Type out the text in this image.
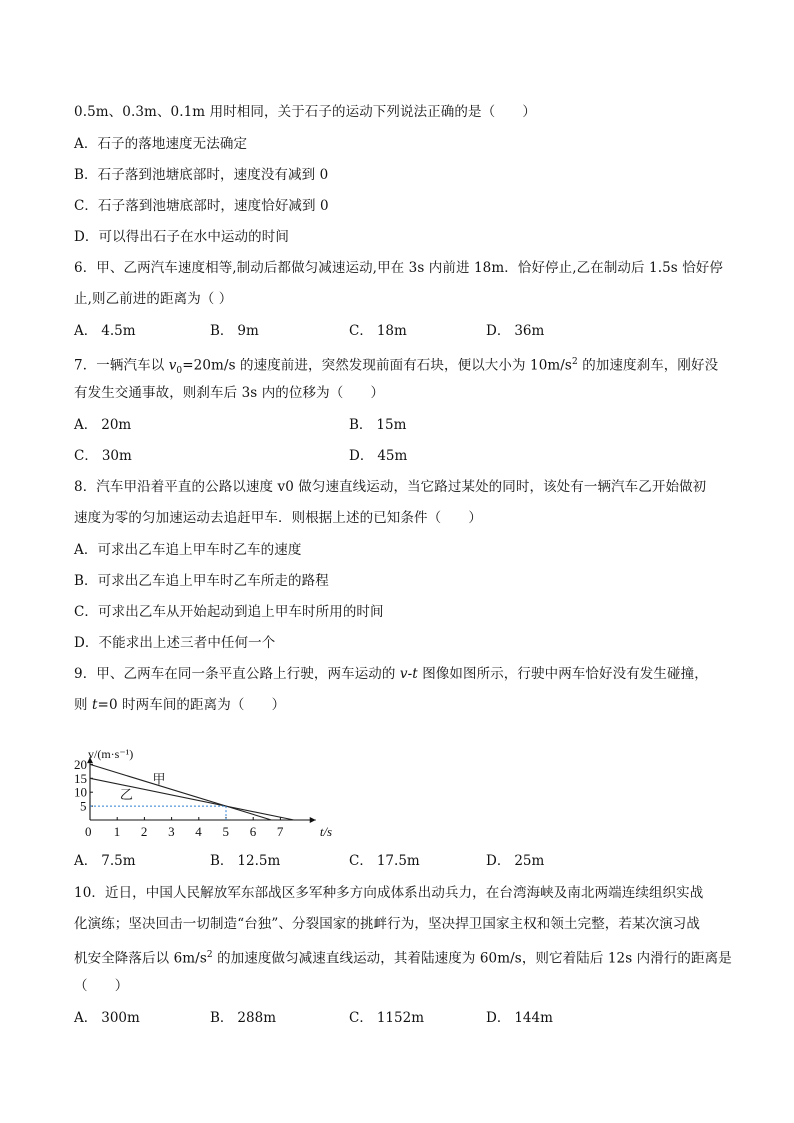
0.5m、0.3m、0.1m 用时相同，关于石子的运动下列说法正确的是（　　）
A．石子的落地速度无法确定
B．石子落到池塘底部时，速度没有减到 0
C．石子落到池塘底部时，速度恰好减到 0
D．可以得出石子在水中运动的时间
6．甲、乙两汽车速度相等,制动后都做匀减速运动,甲在 3s 内前进 18m．恰好停止,乙在制动后 1.5s 恰好停
止,则乙前进的距离为（ ）
A． 4.5m	B． 9m	C． 18m	D． 36m
7．一辆汽车以 $v_0=20m/s$ 的速度前进，突然发现前面有石块，便以大小为 $10m/s^2$ 的加速度刹车，刚好没
有发生交通事故，则刹车后 3s 内的位移为（　　）
A． 20m	B． 15m
C． 30m	D． 45m
8．汽车甲沿着平直的公路以速度 v0 做匀速直线运动，当它路过某处的同时，该处有一辆汽车乙开始做初
速度为零的匀加速运动去追赶甲车．则根据上述的已知条件（　　）
A．可求出乙车追上甲车时乙车的速度
B．可求出乙车追上甲车时乙车所走的路程
C．可求出乙车从开始起动到追上甲车时所用的时间
D．不能求出上述三者中任何一个
9．甲、乙两车在同一条平直公路上行驶，两车运动的 v-t 图像如图所示，行驶中两车恰好没有发生碰撞，
则 t=0 时两车间的距离为（　　）
0 1 2 3 4 5 6 7
5
10
15
20
甲
乙
v/(m·s⁻¹)
t/s
A． 7.5m	B． 12.5m	C． 17.5m	D． 25m
10．近日，中国人民解放军东部战区多军种多方向成体系出动兵力，在台湾海峡及南北两端连续组织实战
化演练；坚决回击一切制造“台独”、分裂国家的挑衅行为，坚决捍卫国家主权和领土完整，若某次演习战
机安全降落后以 $6m/s^2$ 的加速度做匀减速直线运动，其着陆速度为 60m/s，则它着陆后 12s 内滑行的距离是
（　　）
A． 300m	B． 288m	C． 1152m	D． 144m
